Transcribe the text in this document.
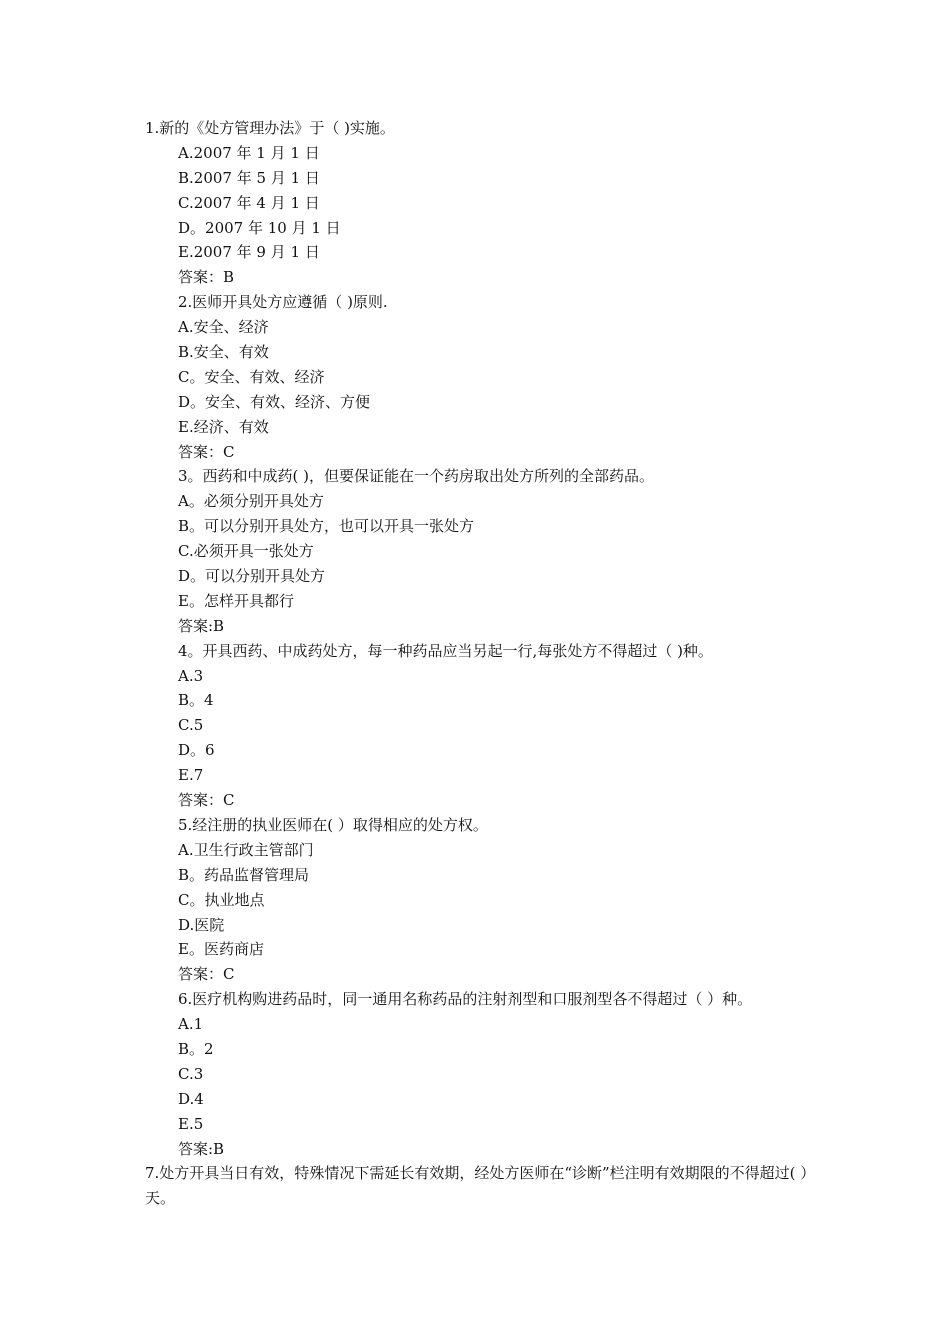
1.新的《处方管理办法》于（ )实施。
A.2007 年 1 月 1 日
B.2007 年 5 月 1 日
C.2007 年 4 月 1 日
D。2007 年 10 月 1 日
E.2007 年 9 月 1 日
答案：B
2.医师开具处方应遵循（ )原则.
A.安全、经济
B.安全、有效
C。安全、有效、经济
D。安全、有效、经济、方便
E.经济、有效
答案：C
3。西药和中成药( )，但要保证能在一个药房取出处方所列的全部药品。
A。必须分别开具处方
B。可以分别开具处方，也可以开具一张处方
C.必须开具一张处方
D。可以分别开具处方
E。怎样开具都行
答案:B
4。开具西药、中成药处方，每一种药品应当另起一行,每张处方不得超过（ )种。
A.3
B。4
C.5
D。6
E.7
答案：C
5.经注册的执业医师在( ）取得相应的处方权。
A.卫生行政主管部门
B。药品监督管理局
C。执业地点
D.医院
E。医药商店
答案：C
6.医疗机构购进药品时，同一通用名称药品的注射剂型和口服剂型各不得超过（ ）种。
A.1
B。2
C.3
D.4
E.5
答案:B
7.处方开具当日有效，特殊情况下需延长有效期，经处方医师在“诊断”栏注明有效期限的不得超过( ）天。
